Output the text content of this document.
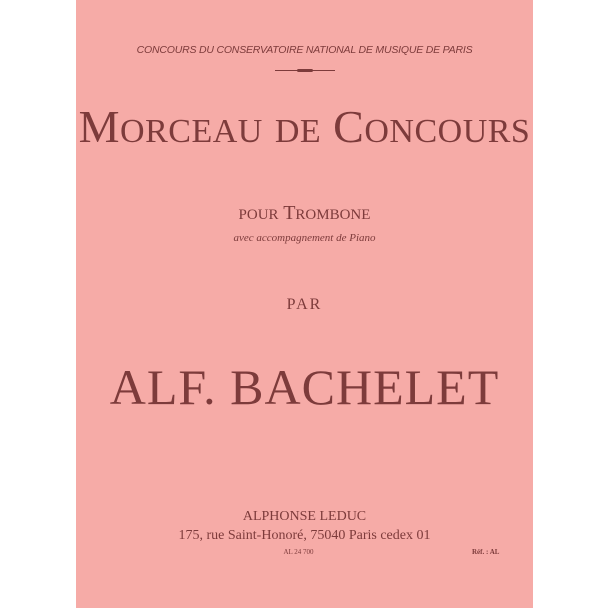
CONCOURS DU CONSERVATOIRE NATIONAL DE MUSIQUE DE PARIS
MORCEAU DE CONCOURS
POUR TROMBONE
avec accompagnement de Piano
PAR
ALF. BACHELET
ALPHONSE LEDUC
175, rue Saint-Honoré, 75040 Paris cedex 01
AL 24 700	Réf. : AL
